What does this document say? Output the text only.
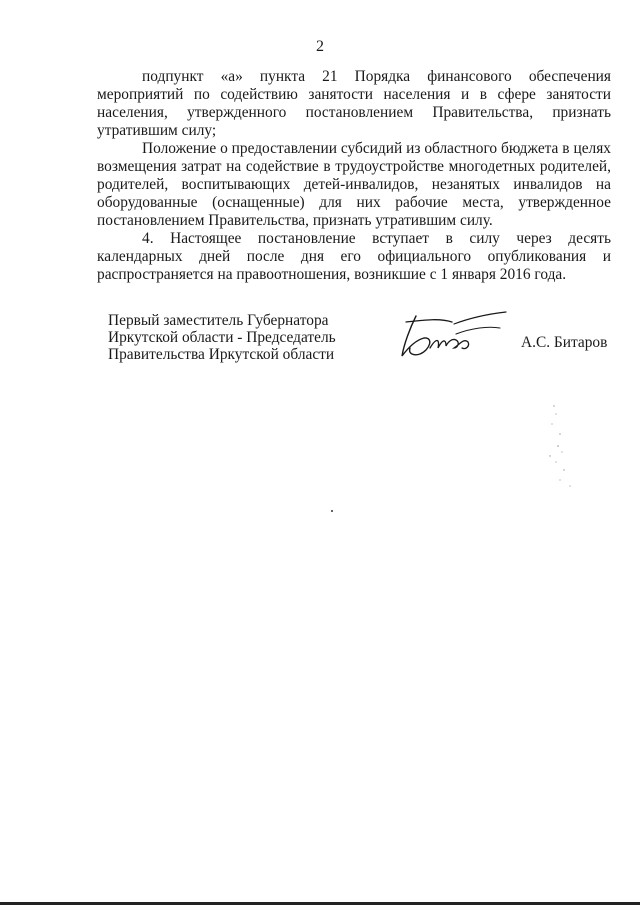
2

подпункт «а» пункта 21 Порядка финансового обеспечения мероприятий по содействию занятости населения и в сфере занятости населения, утвержденного постановлением Правительства, признать утратившим силу;

Положение о предоставлении субсидий из областного бюджета в целях возмещения затрат на содействие в трудоустройстве многодетных родителей, родителей, воспитывающих детей-инвалидов, незанятых инвалидов на оборудованные (оснащенные) для них рабочие места, утвержденное постановлением Правительства, признать утратившим силу.

4. Настоящее постановление вступает в силу через десять календарных дней после дня его официального опубликования и распространяется на правоотношения, возникшие с 1 января 2016 года.

Первый заместитель Губернатора
Иркутской области - Председатель
Правительства Иркутской области
А.С. Битаров
